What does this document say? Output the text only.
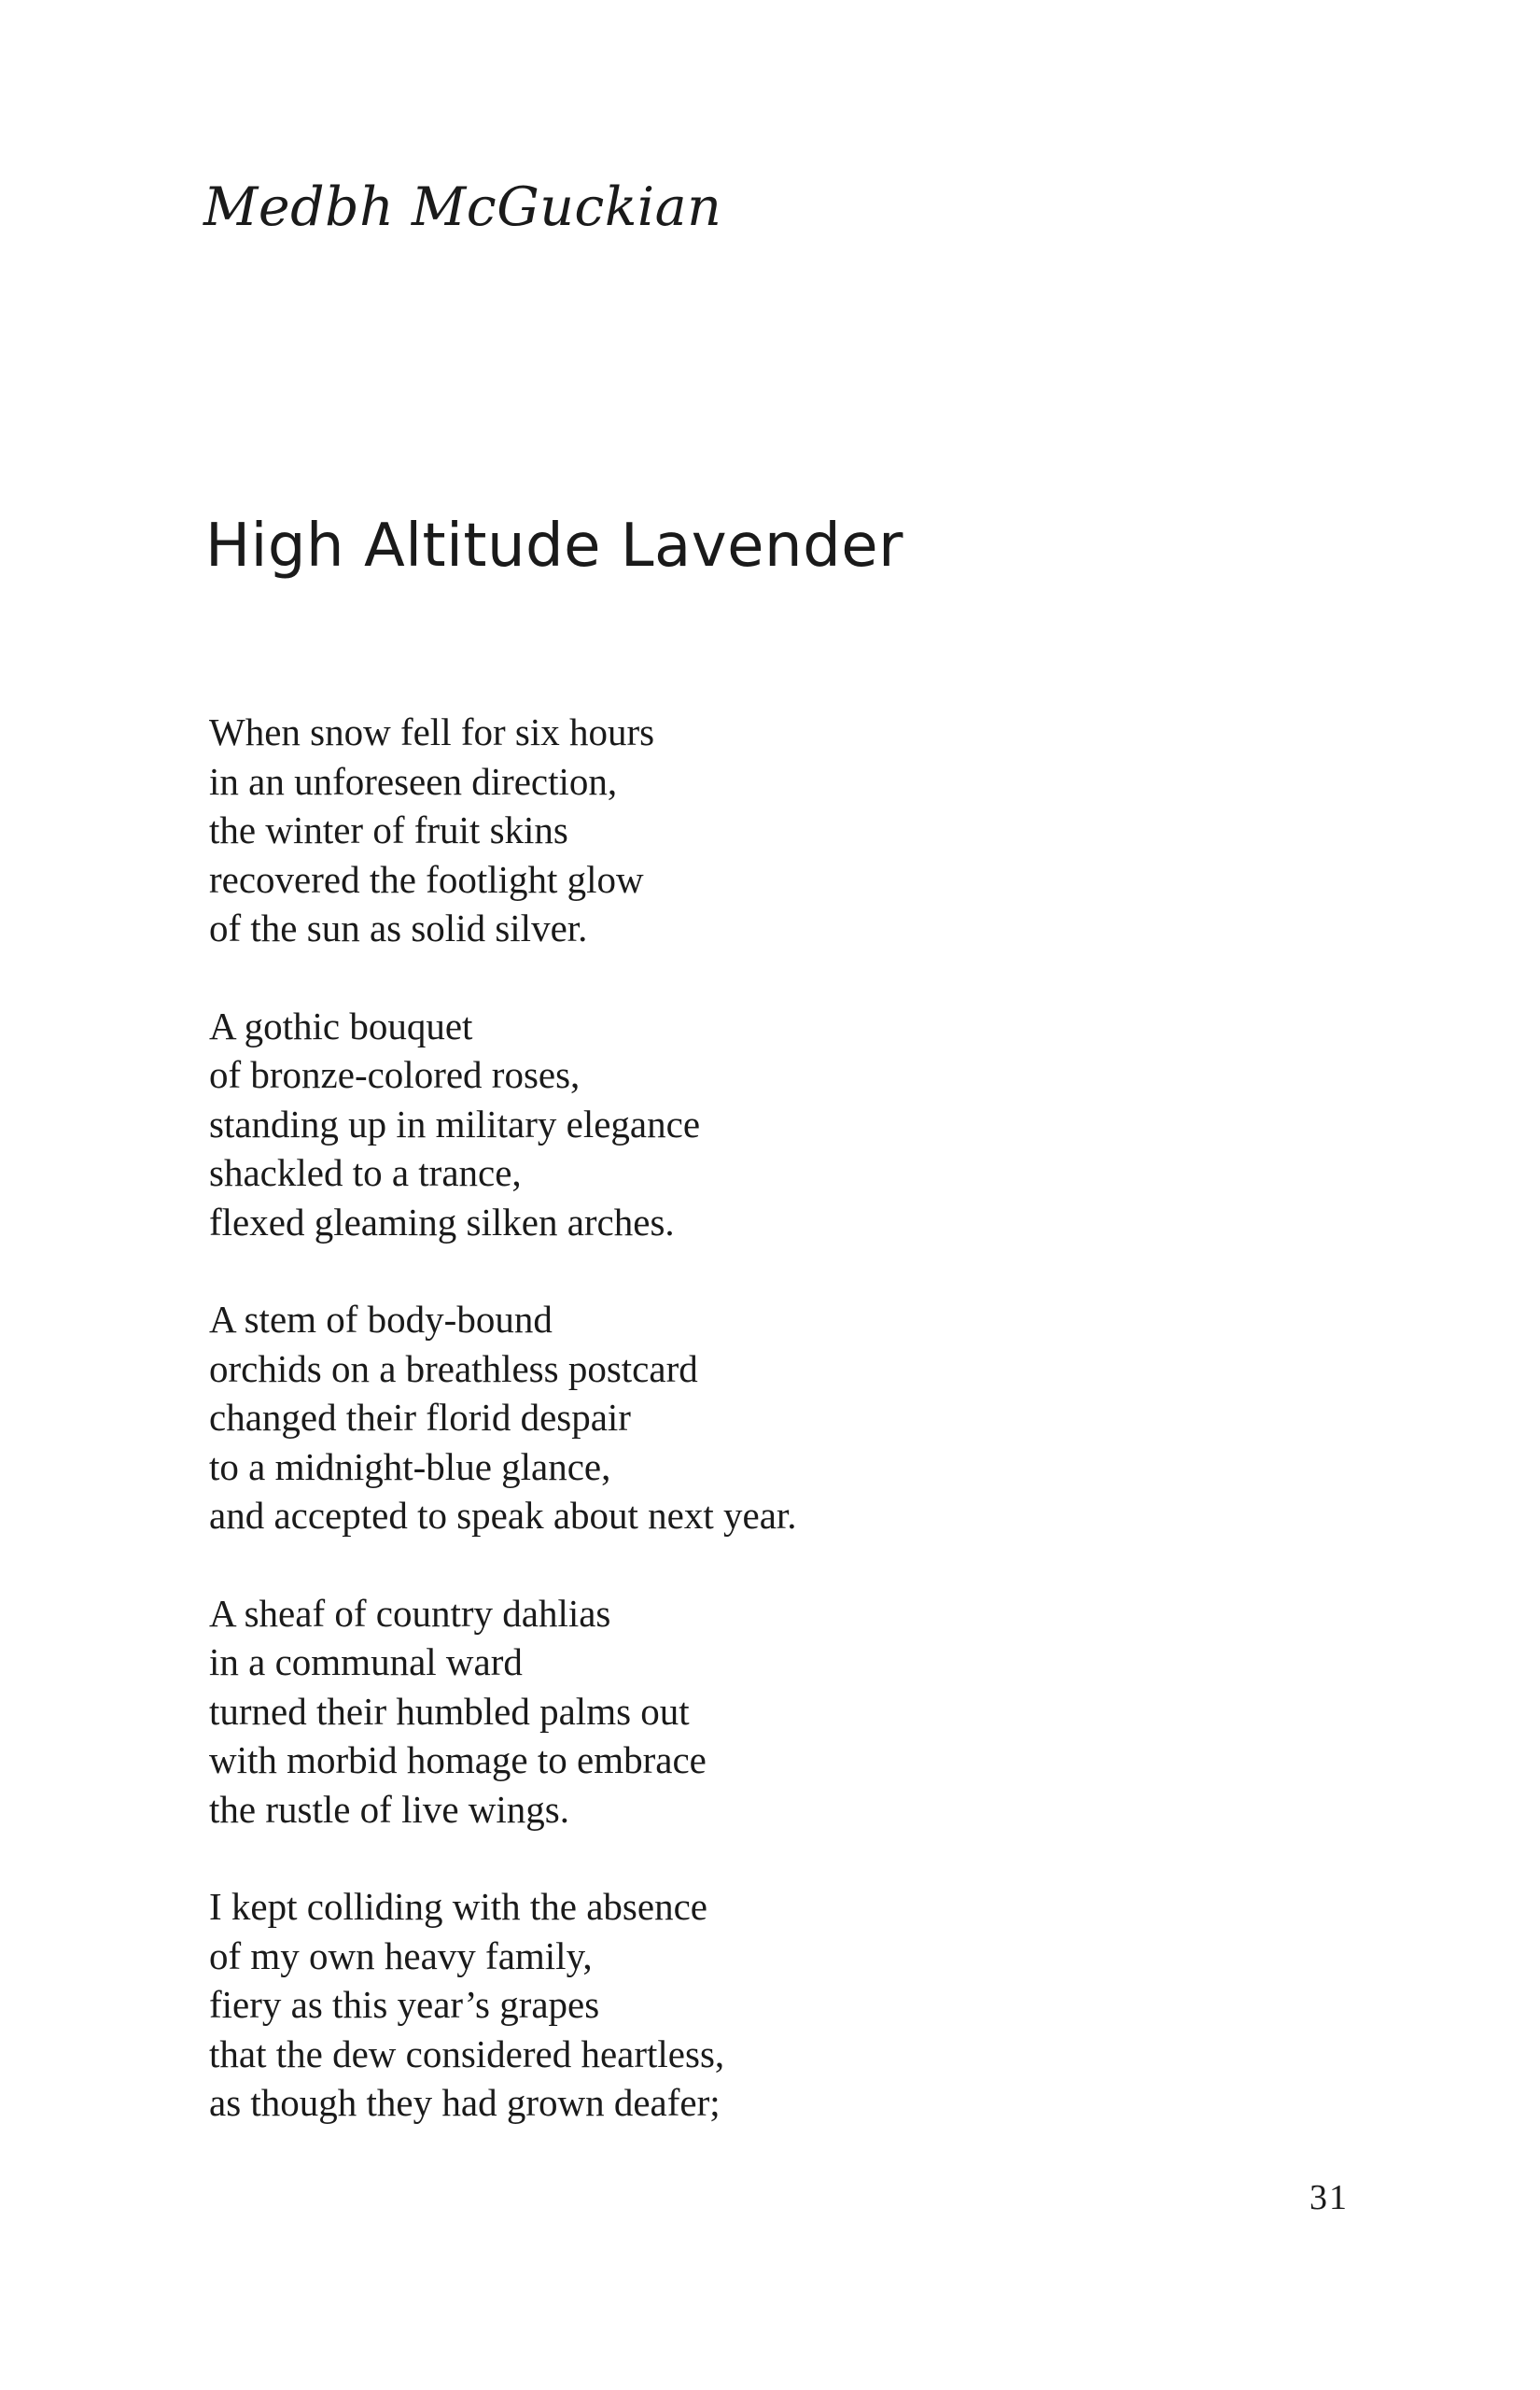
Medbh McGuckian
High Altitude Lavender
When snow fell for six hours
in an unforeseen direction,
the winter of fruit skins
recovered the footlight glow
of the sun as solid silver.
A gothic bouquet
of bronze-colored roses,
standing up in military elegance
shackled to a trance,
flexed gleaming silken arches.
A stem of body-bound
orchids on a breathless postcard
changed their florid despair
to a midnight-blue glance,
and accepted to speak about next year.
A sheaf of country dahlias
in a communal ward
turned their humbled palms out
with morbid homage to embrace
the rustle of live wings.
I kept colliding with the absence
of my own heavy family,
fiery as this year’s grapes
that the dew considered heartless,
as though they had grown deafer;
31
